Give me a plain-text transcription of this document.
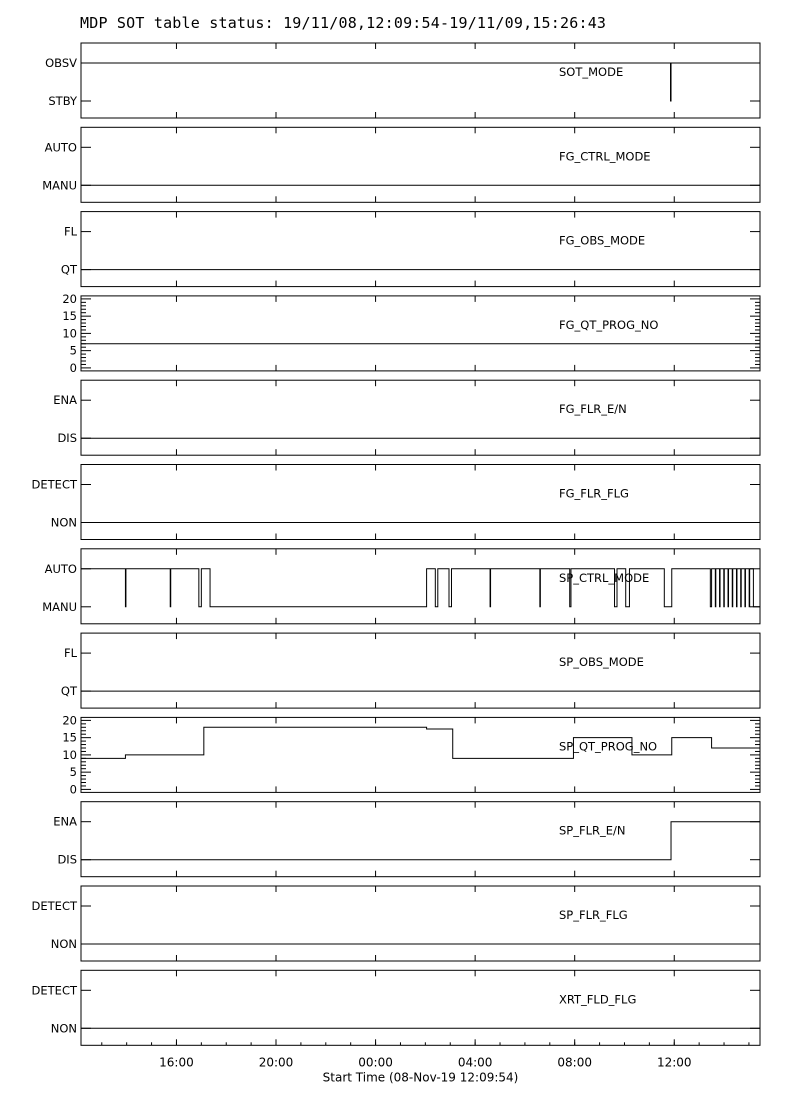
MDP SOT table status: 19/11/08,12:09:54-19/11/09,15:26:43
OBSV
STBY
SOT_MODE
AUTO
MANU
FG_CTRL_MODE
FL
QT
FG_OBS_MODE
0
5
10
15
20
FG_QT_PROG_NO
ENA
DIS
FG_FLR_E/N
DETECT
NON
FG_FLR_FLG
AUTO
MANU
SP_CTRL_MODE
FL
QT
SP_OBS_MODE
0
5
10
15
20
SP_QT_PROG_NO
ENA
DIS
SP_FLR_E/N
DETECT
NON
SP_FLR_FLG
DETECT
NON
XRT_FLD_FLG
16:00	20:00	00:00	04:00	08:00	12:00
Start Time (08-Nov-19 12:09:54)
